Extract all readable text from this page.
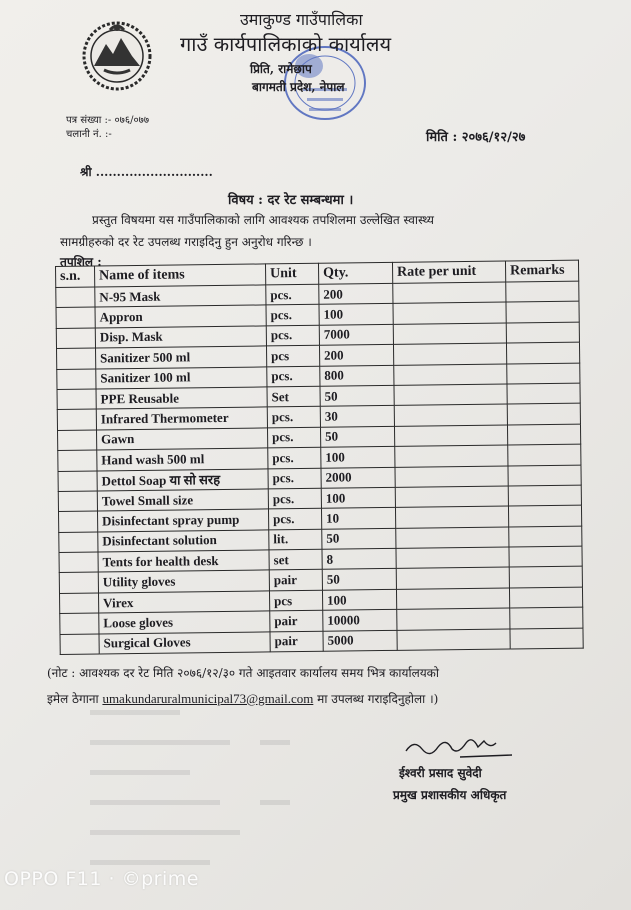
उमाकुण्ड गाउँपालिका
गाउँ कार्यपालिकाको कार्यालय
प्रिति, रामेछाप
बागमती प्रदेश, नेपाल
पत्र संख्या :- ०७६/०७७
चलानी नं. :-	मिति : २०७६/१२/२७
श्री ............................
विषय : दर रेट सम्बन्धमा ।
प्रस्तुत विषयमा यस गाउँपालिकाको लागि आवश्यक तपशिलमा उल्लेखित स्वास्थ्य
सामग्रीहरुको दर रेट उपलब्ध गराइदिनु हुन अनुरोध गरिन्छ ।
तपशिल :
s.n.	Name of items	Unit	Qty.	Rate per unit	Remarks
	N-95 Mask	pcs.	200		
	Appron	pcs.	100		
	Disp. Mask	pcs.	7000		
	Sanitizer 500 ml	pcs	200		
	Sanitizer 100 ml	pcs.	800		
	PPE Reusable	Set	50		
	Infrared Thermometer	pcs.	30		
	Gawn	pcs.	50		
	Hand wash 500 ml	pcs.	100		
	Dettol Soap या सो सरह	pcs.	2000		
	Towel Small size	pcs.	100		
	Disinfectant spray pump	pcs.	10		
	Disinfectant solution	lit.	50		
	Tents for health desk	set	8		
	Utility gloves	pair	50		
	Virex	pcs	100		
	Loose gloves	pair	10000		
	Surgical Gloves	pair	5000		
(नोट : आवश्यक दर रेट मिति २०७६/१२/३० गते आइतवार कार्यालय समय भित्र कार्यालयको
इमेल ठेगाना umakundaruralmunicipal73@gmail.com मा उपलब्ध गराइदिनुहोला ।)
ईश्वरी प्रसाद सुवेदी
प्रमुख प्रशासकीय अधिकृत
OPPO F11 · ©prime
